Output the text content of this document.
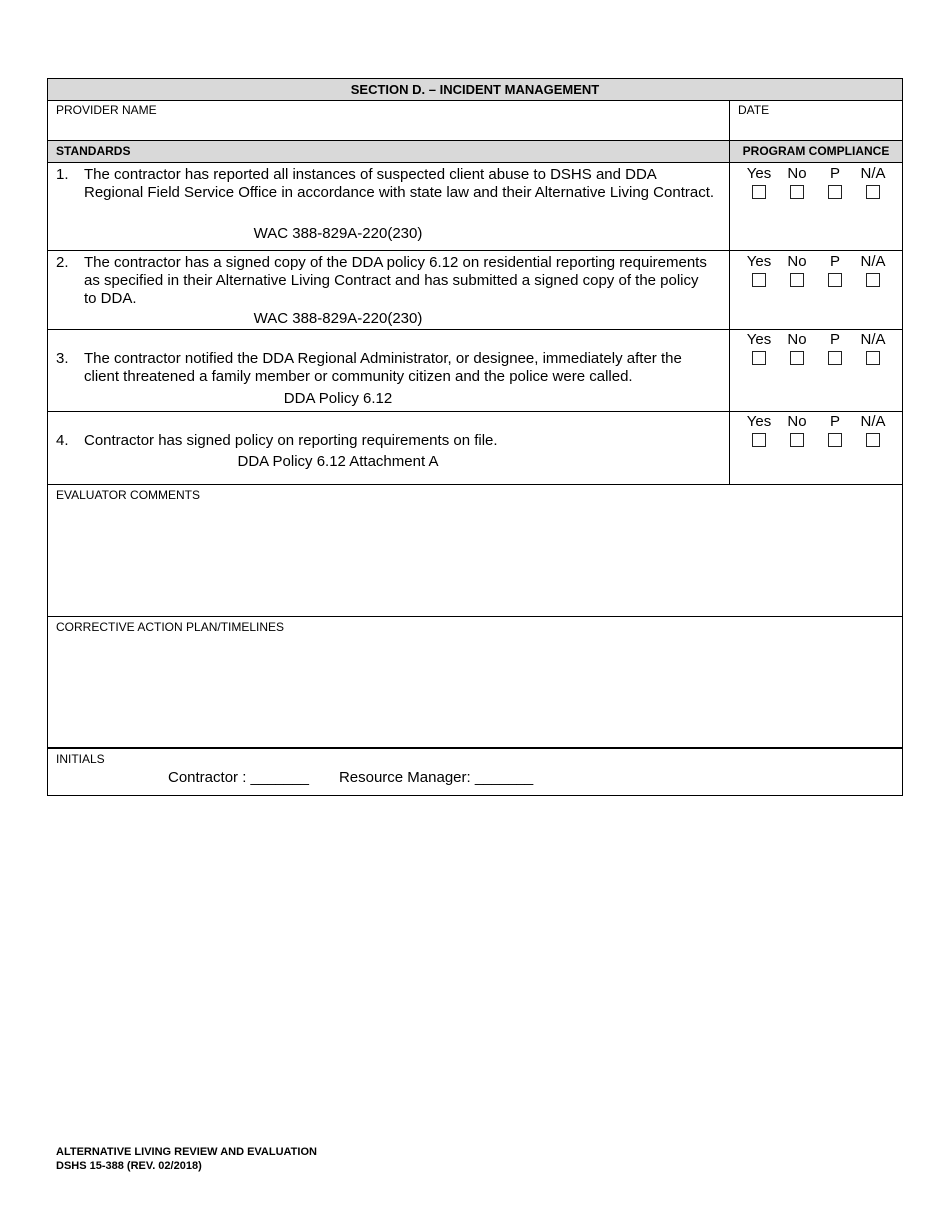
SECTION D. – INCIDENT MANAGEMENT
PROVIDER NAME	DATE
STANDARDS	PROGRAM COMPLIANCE
1. The contractor has reported all instances of suspected client abuse to DSHS and DDA Regional Field Service Office in accordance with state law and their Alternative Living Contract.
WAC 388-829A-220(230)
Yes	No	P	N/A
2. The contractor has a signed copy of the DDA policy 6.12 on residential reporting requirements as specified in their Alternative Living Contract and has submitted a signed copy of the policy to DDA.
WAC 388-829A-220(230)
Yes	No	P	N/A
3. The contractor notified the DDA Regional Administrator, or designee, immediately after the client threatened a family member or community citizen and the police were called.
DDA Policy 6.12
Yes	No	P	N/A
4. Contractor has signed policy on reporting requirements on file.
DDA Policy 6.12 Attachment A
Yes	No	P	N/A
EVALUATOR COMMENTS
CORRECTIVE ACTION PLAN/TIMELINES
INITIALS
Contractor : _______ Resource Manager: _______
ALTERNATIVE LIVING REVIEW AND EVALUATION
DSHS 15-388 (REV. 02/2018)
